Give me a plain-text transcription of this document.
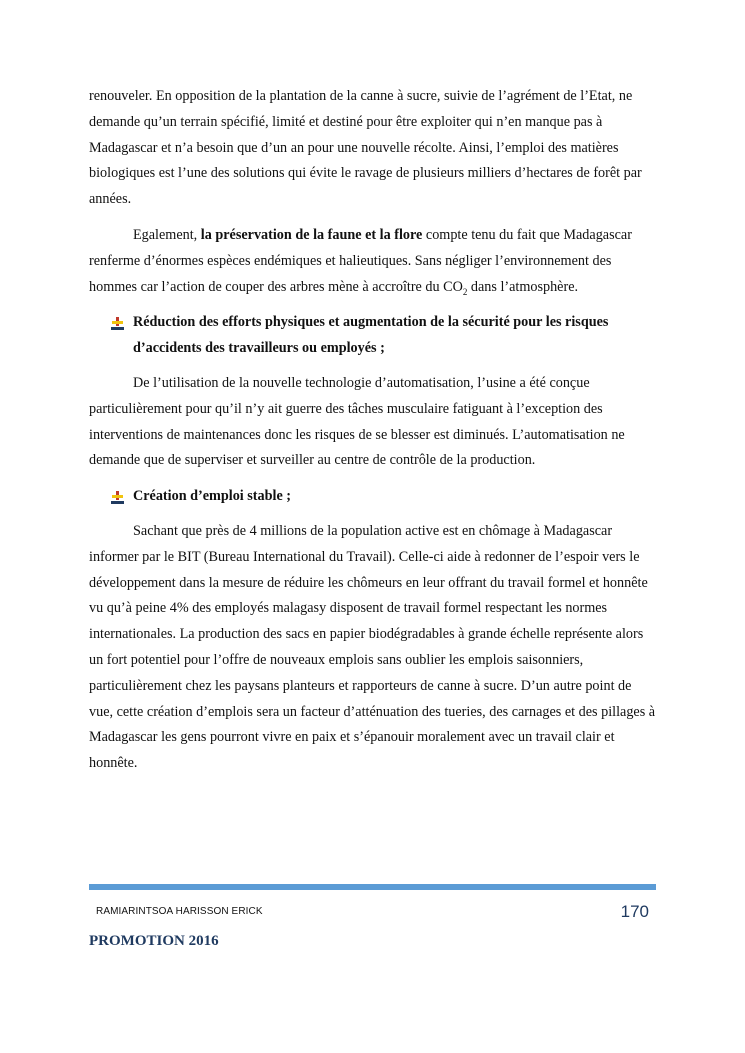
renouveler. En opposition de la plantation de la canne à sucre, suivie de l’agrément de l’Etat, ne demande qu’un terrain spécifié, limité et destiné pour être exploiter qui n’en manque pas à Madagascar et n’a besoin que d’un an pour une nouvelle récolte. Ainsi, l’emploi des matières biologiques est l’une des solutions qui évite le ravage de plusieurs milliers d’hectares de forêt par années.

Egalement, la préservation de la faune et la flore compte tenu du fait que Madagascar renferme d’énormes espèces endémiques et halieutiques. Sans négliger l’environnement des hommes car l’action de couper des arbres mène à accroître du $CO_2$ dans l’atmosphère.

Réduction des efforts physiques et augmentation de la sécurité pour les risques d’accidents des travailleurs ou employés ;

De l’utilisation de la nouvelle technologie d’automatisation, l’usine a été conçue particulièrement pour qu’il n’y ait guerre des tâches musculaire fatiguant à l’exception des interventions de maintenances donc les risques de se blesser est diminués. L’automatisation ne demande que de superviser et surveiller au centre de contrôle de la production.

Création d’emploi stable ;

Sachant que près de 4 millions de la population active est en chômage à Madagascar informer par le BIT (Bureau International du Travail). Celle-ci aide à redonner de l’espoir vers le développement dans la mesure de réduire les chômeurs en leur offrant du travail formel et honnête vu qu’à peine 4% des employés malagasy disposent de travail formel respectant les normes internationales. La production des sacs en papier biodégradables à grande échelle représente alors un fort potentiel pour l’offre de nouveaux emplois sans oublier les emplois saisonniers, particulièrement chez les paysans planteurs et rapporteurs de canne à sucre. D’un autre point de vue, cette création d’emplois sera un facteur d’atténuation des tueries, des carnages et des pillages à Madagascar les gens pourront vivre en paix et s’épanouir moralement avec un travail clair et honnête.

RAMIARINTSOA HARISSON ERICK	170
PROMOTION 2016
